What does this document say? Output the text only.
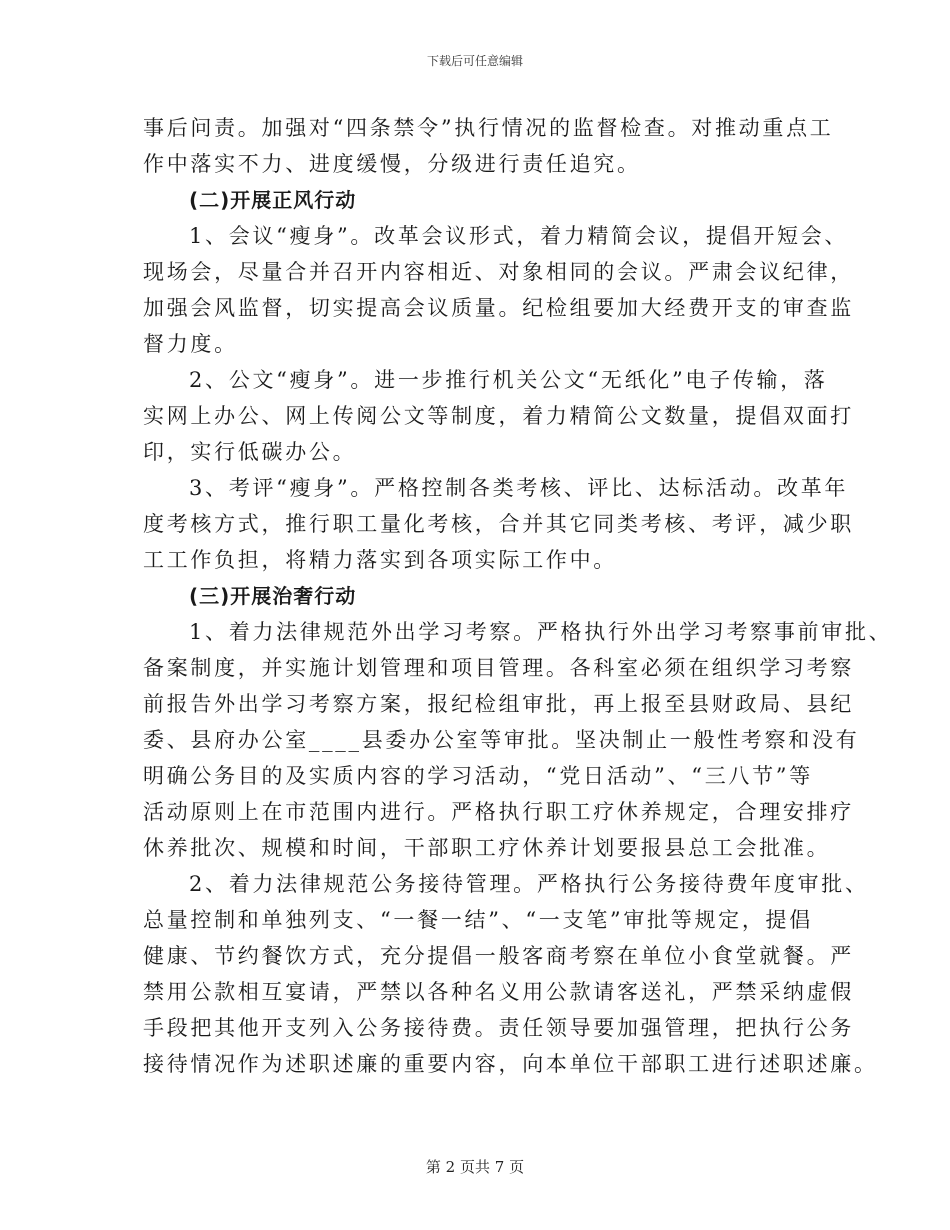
下载后可任意编辑
事后问责。加强对“四条禁令”执行情况的监督检查。对推动重点工
作中落实不力、进度缓慢，分级进行责任追究。
(二)开展正风行动
1、会议“瘦身”。改革会议形式，着力精简会议，提倡开短会、
现场会，尽量合并召开内容相近、对象相同的会议。严肃会议纪律，
加强会风监督，切实提高会议质量。纪检组要加大经费开支的审查监
督力度。
2、公文“瘦身”。进一步推行机关公文“无纸化”电子传输，落
实网上办公、网上传阅公文等制度，着力精简公文数量，提倡双面打
印，实行低碳办公。
3、考评“瘦身”。严格控制各类考核、评比、达标活动。改革年
度考核方式，推行职工量化考核，合并其它同类考核、考评，减少职
工工作负担，将精力落实到各项实际工作中。
(三)开展治奢行动
1、着力法律规范外出学习考察。严格执行外出学习考察事前审批、
备案制度，并实施计划管理和项目管理。各科室必须在组织学习考察
前报告外出学习考察方案，报纪检组审批，再上报至县财政局、县纪
委、县府办公室____县委办公室等审批。坚决制止一般性考察和没有
明确公务目的及实质内容的学习活动，“党日活动”、“三八节”等
活动原则上在市范围内进行。严格执行职工疗休养规定，合理安排疗
休养批次、规模和时间，干部职工疗休养计划要报县总工会批准。
2、着力法律规范公务接待管理。严格执行公务接待费年度审批、
总量控制和单独列支、“一餐一结”、“一支笔”审批等规定，提倡
健康、节约餐饮方式，充分提倡一般客商考察在单位小食堂就餐。严
禁用公款相互宴请，严禁以各种名义用公款请客送礼，严禁采纳虚假
手段把其他开支列入公务接待费。责任领导要加强管理，把执行公务
接待情况作为述职述廉的重要内容，向本单位干部职工进行述职述廉。
第 2 页共 7 页
